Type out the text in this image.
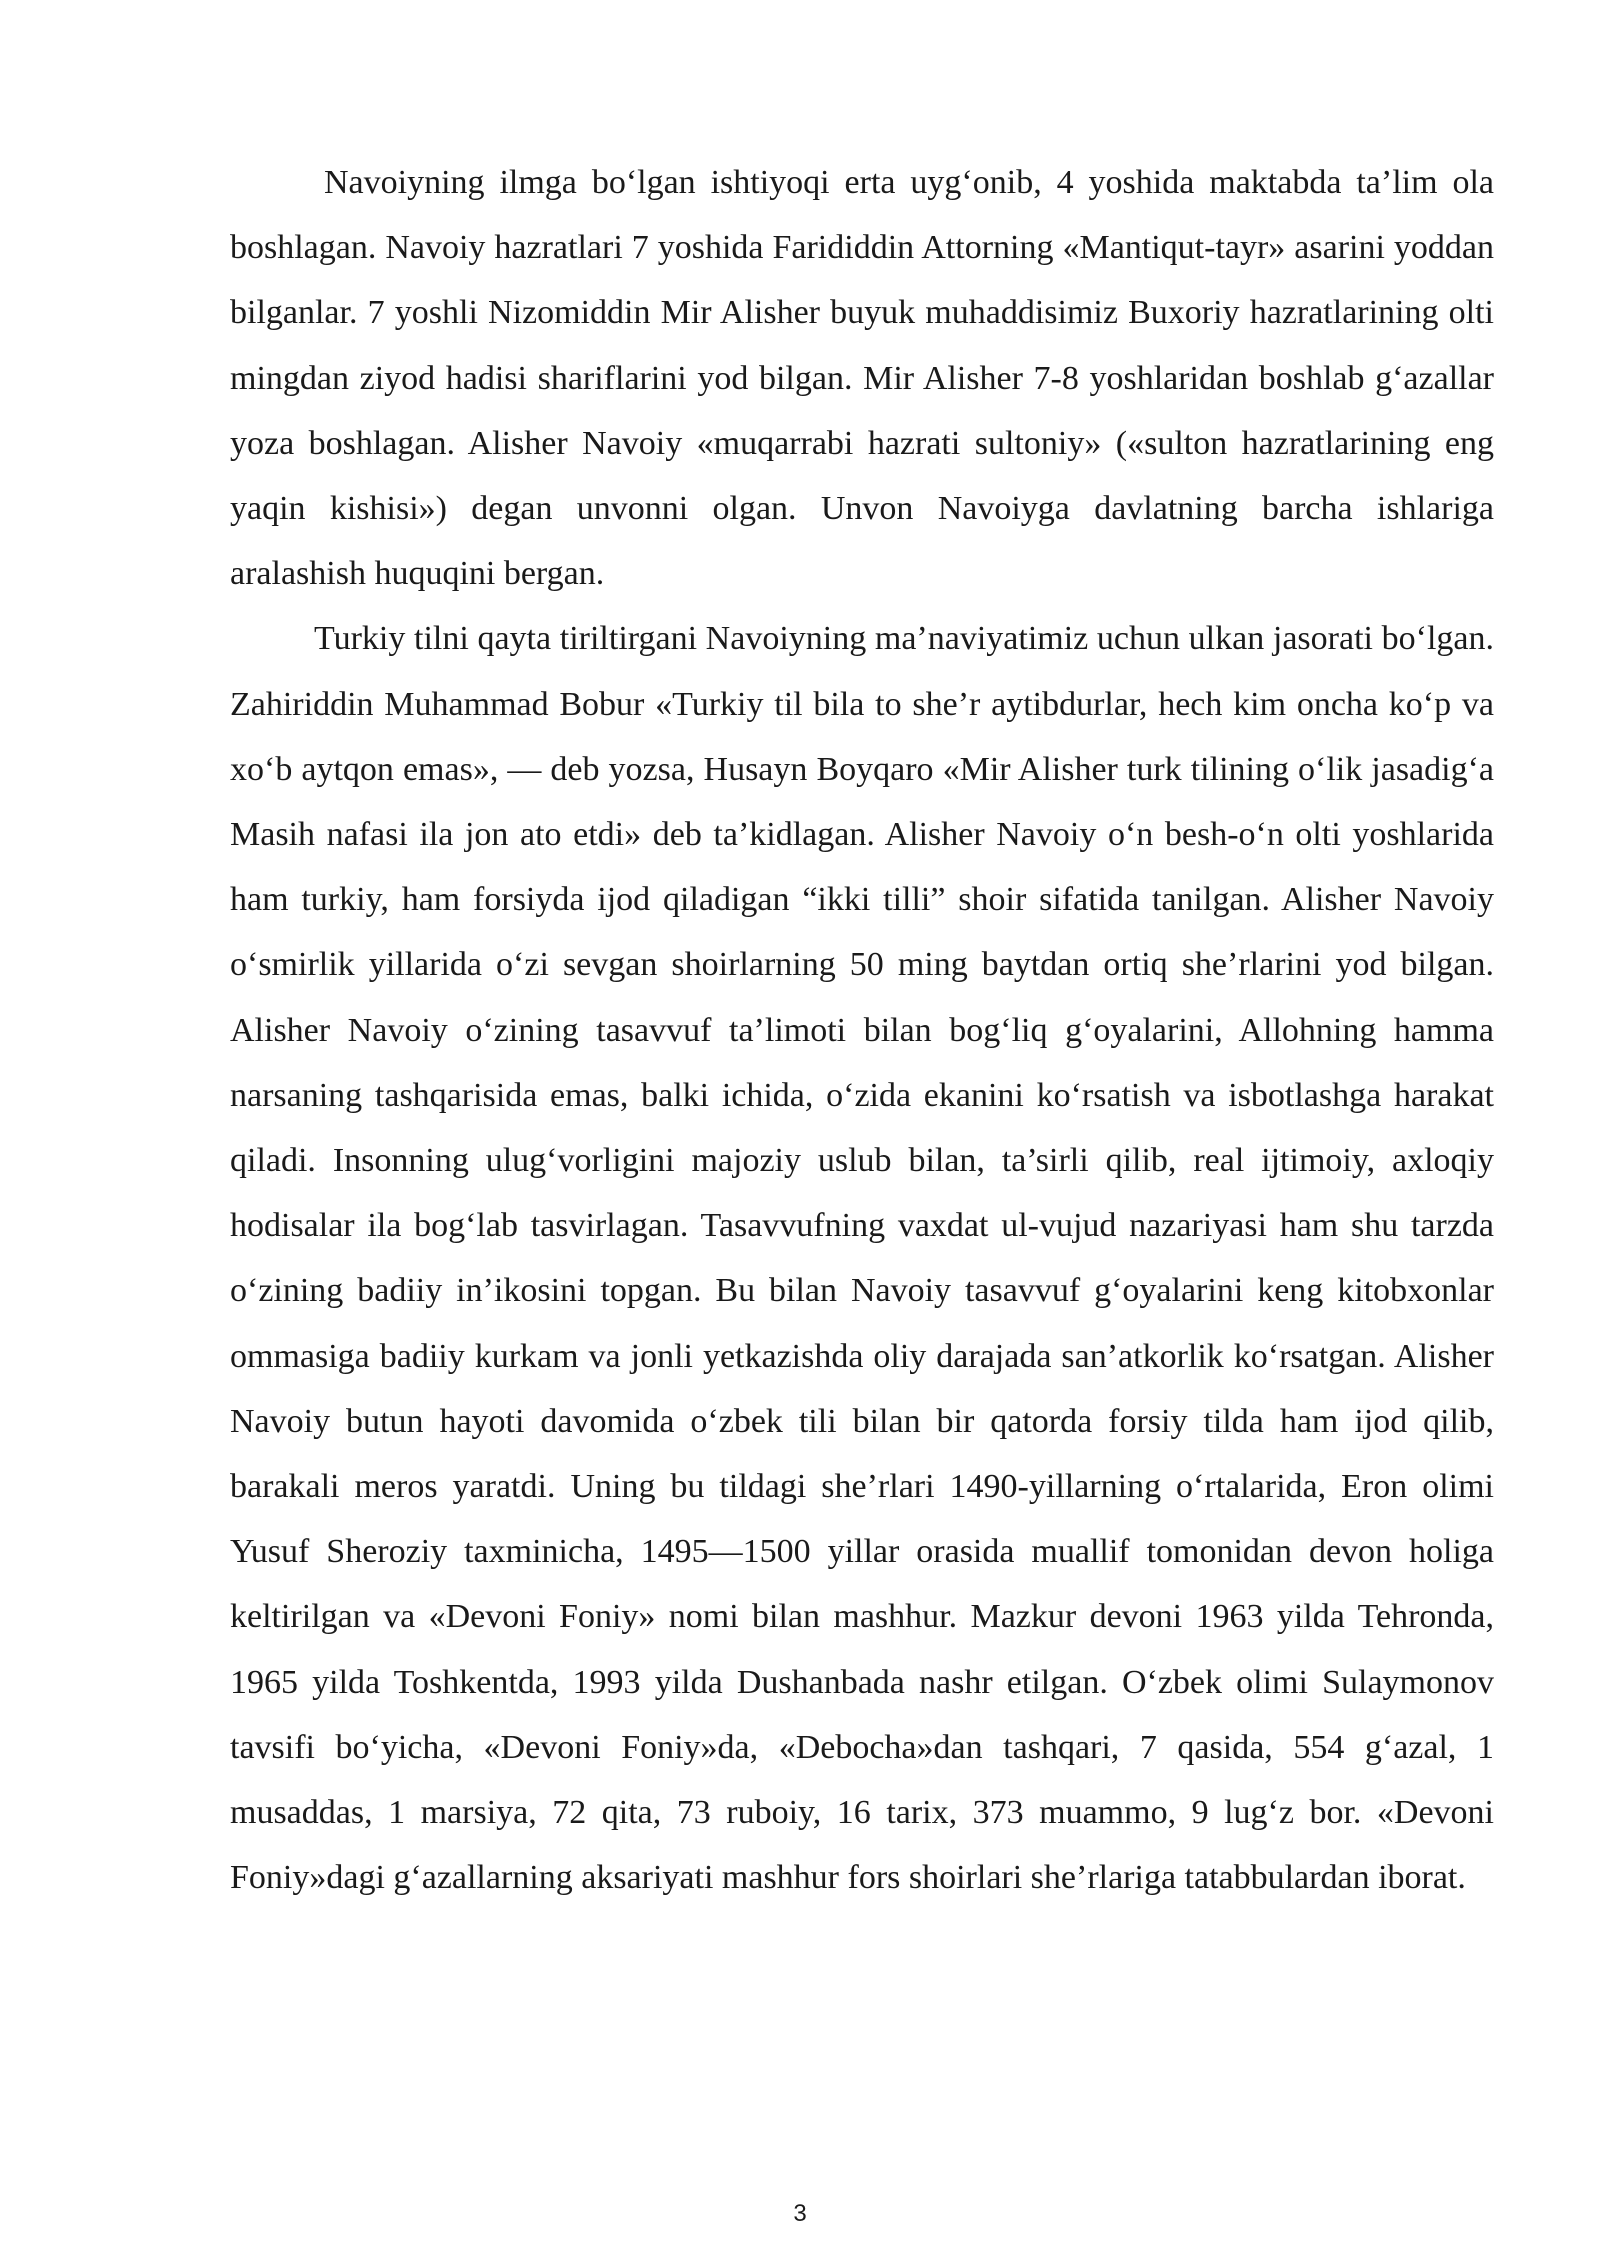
Navoiyning ilmga bo‘lgan ishtiyoqi erta uyg‘onib, 4 yoshida maktabda ta’lim ola boshlagan. Navoiy hazratlari 7 yoshida Farididdin Attorning «Mantiqut-tayr» asarini yoddan bilganlar. 7 yoshli Nizomiddin Mir Alisher buyuk muhaddisimiz Buxoriy hazratlarining olti mingdan ziyod hadisi shariflarini yod bilgan. Mir Alisher 7-8 yoshlaridan boshlab g‘azallar yoza boshlagan. Alisher Navoiy «muqarrabi hazrati sultoniy» («sulton hazratlarining eng yaqin kishisi») degan unvonni olgan. Unvon Navoiyga davlatning barcha ishlariga aralashish huquqini bergan.

Turkiy tilni qayta tiriltirgani Navoiyning ma’naviyatimiz uchun ulkan jasorati bo‘lgan. Zahiriddin Muhammad Bobur «Turkiy til bila to she’r aytibdurlar, hech kim oncha ko‘p va xo‘b aytqon emas», — deb yozsa, Husayn Boyqaro «Mir Alisher turk tilining o‘lik jasadig‘a Masih nafasi ila jon ato etdi» deb ta’kidlagan. Alisher Navoiy o‘n besh-o‘n olti yoshlarida ham turkiy, ham forsiyda ijod qiladigan “ikki tilli” shoir sifatida tanilgan. Alisher Navoiy o‘smirlik yillarida o‘zi sevgan shoirlarning 50 ming baytdan ortiq she’rlarini yod bilgan. Alisher Navoiy o‘zining tasavvuf ta’limoti bilan bog‘liq g‘oyalarini, Allohning hamma narsaning tashqarisida emas, balki ichida, o‘zida ekanini ko‘rsatish va isbotlashga harakat qiladi. Insonning ulug‘vorligini majoziy uslub bilan, ta’sirli qilib, real ijtimoiy, axloqiy hodisalar ila bog‘lab tasvirlagan. Tasavvufning vaxdat ul-vujud nazariyasi ham shu tarzda o‘zining badiiy in’ikosini topgan. Bu bilan Navoiy tasavvuf g‘oyalarini keng kitobxonlar ommasiga badiiy kurkam va jonli yetkazishda oliy darajada san’atkorlik ko‘rsatgan. Alisher Navoiy butun hayoti davomida o‘zbek tili bilan bir qatorda forsiy tilda ham ijod qilib, barakali meros yaratdi. Uning bu tildagi she’rlari 1490-yillarning o‘rtalarida, Eron olimi Yusuf Sheroziy taxminicha, 1495—1500 yillar orasida muallif tomonidan devon holiga keltirilgan va «Devoni Foniy» nomi bilan mashhur. Mazkur devoni 1963 yilda Tehronda, 1965 yilda Toshkentda, 1993 yilda Dushanbada nashr etilgan. O‘zbek olimi Sulaymonov tavsifi bo‘yicha, «Devoni Foniy»da, «Debocha»dan tashqari, 7 qasida, 554 g‘azal, 1 musaddas, 1 marsiya, 72 qita, 73 ruboiy, 16 tarix, 373 muammo, 9 lug‘z bor. «Devoni Foniy»dagi g‘azallarning aksariyati mashhur fors shoirlari she’rlariga tatabbulardan iborat.

3
